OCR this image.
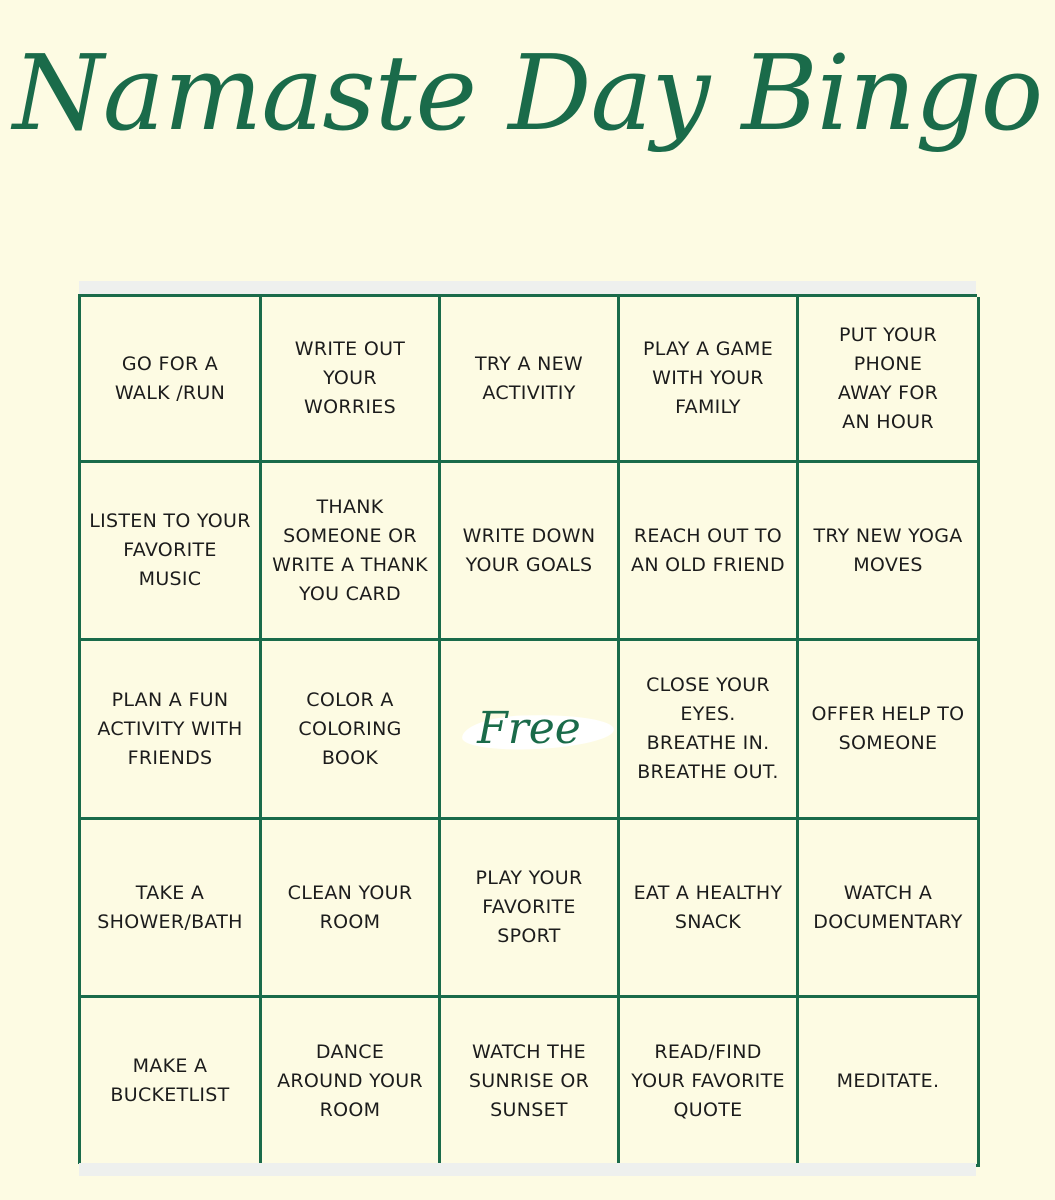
Namaste Day Bingo
GO FOR A
WALK /RUN
WRITE OUT
YOUR
WORRIES
TRY A NEW
ACTIVITIY
PLAY A GAME
WITH YOUR
FAMILY
PUT YOUR
PHONE
AWAY FOR
AN HOUR
LISTEN TO YOUR
FAVORITE
MUSIC
THANK
SOMEONE OR
WRITE A THANK
YOU CARD
WRITE DOWN
YOUR GOALS
REACH OUT TO
AN OLD FRIEND
TRY NEW YOGA
MOVES
PLAN A FUN
ACTIVITY WITH
FRIENDS
COLOR A
COLORING
BOOK
Free
CLOSE YOUR
EYES.
BREATHE IN.
BREATHE OUT.
OFFER HELP TO
SOMEONE
TAKE A
SHOWER/BATH
CLEAN YOUR
ROOM
PLAY YOUR
FAVORITE
SPORT
EAT A HEALTHY
SNACK
WATCH A
DOCUMENTARY
MAKE A
BUCKETLIST
DANCE
AROUND YOUR
ROOM
WATCH THE
SUNRISE OR
SUNSET
READ/FIND
YOUR FAVORITE
QUOTE
MEDITATE.
